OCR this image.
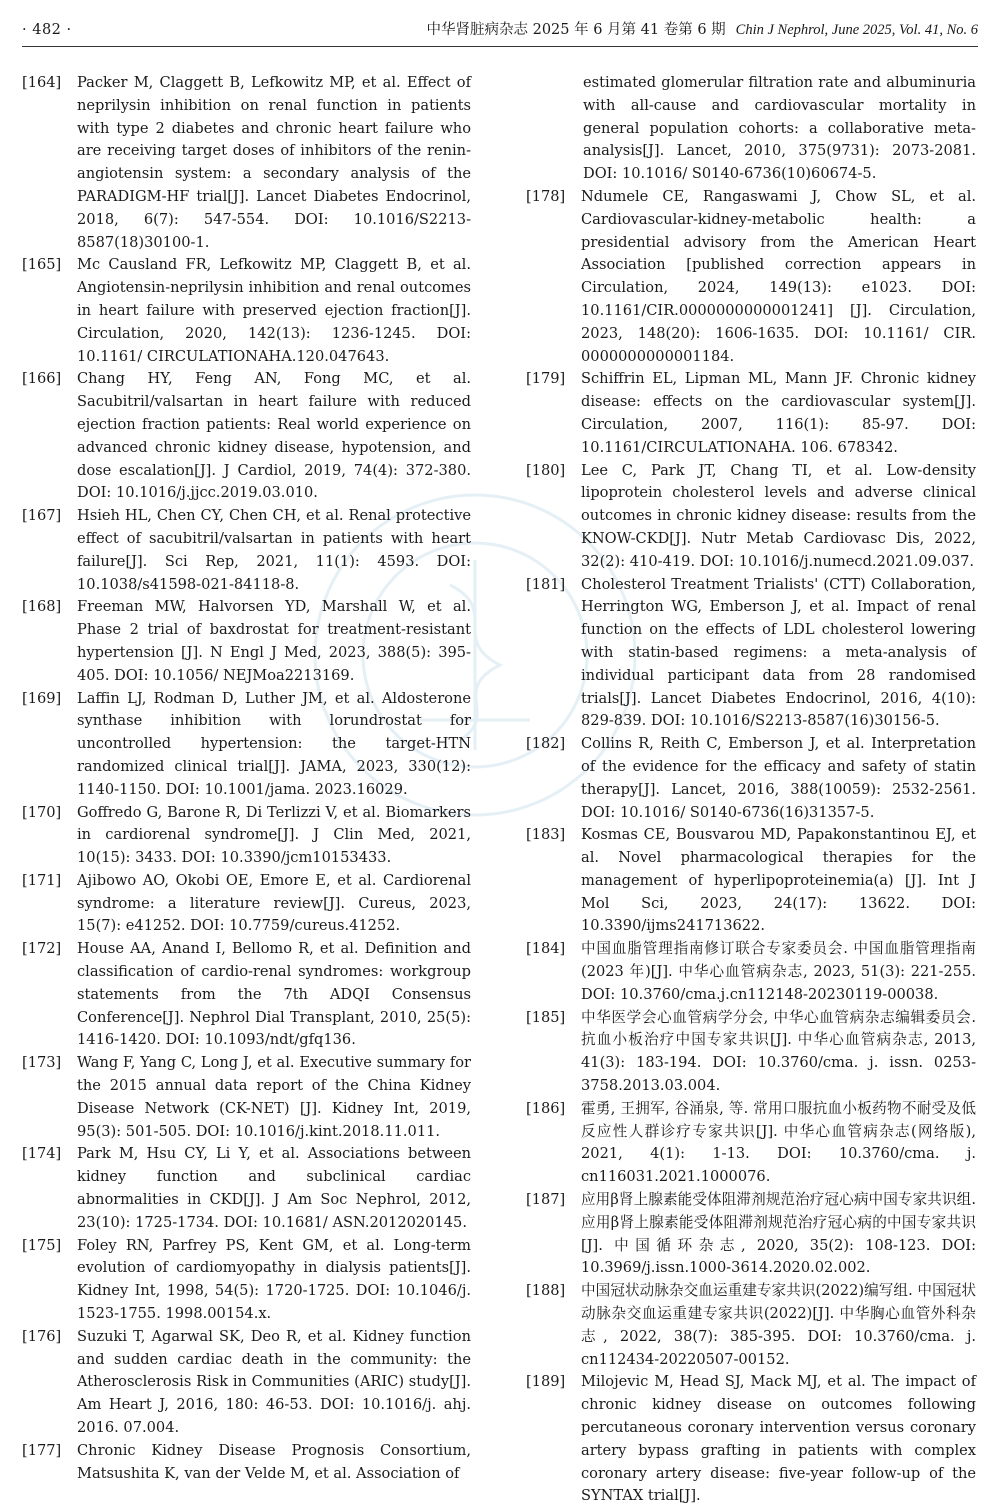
· 482 ·	中华肾脏病杂志 2025 年 6 月第 41 卷第 6 期 Chin J Nephrol, June 2025, Vol. 41, No. 6
[164] Packer M, Claggett B, Lefkowitz MP, et al. Effect of neprilysin inhibition on renal function in patients with type 2 diabetes and chronic heart failure who are receiving target doses of inhibitors of the renin-angiotensin system: a secondary analysis of the PARADIGM-HF trial[J]. Lancet Diabetes Endocrinol, 2018, 6(7): 547-554. DOI: 10.1016/S2213-8587(18)30100-1.
[165] Mc Causland FR, Lefkowitz MP, Claggett B, et al. Angiotensin-neprilysin inhibition and renal outcomes in heart failure with preserved ejection fraction[J]. Circulation, 2020, 142(13): 1236-1245. DOI: 10.1161/ CIRCULATIONAHA.120.047643.
[166] Chang HY, Feng AN, Fong MC, et al. Sacubitril/valsartan in heart failure with reduced ejection fraction patients: Real world experience on advanced chronic kidney disease, hypotension, and dose escalation[J]. J Cardiol, 2019, 74(4): 372-380. DOI: 10.1016/j.jjcc.2019.03.010.
[167] Hsieh HL, Chen CY, Chen CH, et al. Renal protective effect of sacubitril/valsartan in patients with heart failure[J]. Sci Rep, 2021, 11(1): 4593. DOI: 10.1038/s41598-021-84118-8.
[168] Freeman MW, Halvorsen YD, Marshall W, et al. Phase 2 trial of baxdrostat for treatment-resistant hypertension [J]. N Engl J Med, 2023, 388(5): 395-405. DOI: 10.1056/ NEJMoa2213169.
[169] Laffin LJ, Rodman D, Luther JM, et al. Aldosterone synthase inhibition with lorundrostat for uncontrolled hypertension: the target-HTN randomized clinical trial[J]. JAMA, 2023, 330(12): 1140-1150. DOI: 10.1001/jama. 2023.16029.
[170] Goffredo G, Barone R, Di Terlizzi V, et al. Biomarkers in cardiorenal syndrome[J]. J Clin Med, 2021, 10(15): 3433. DOI: 10.3390/jcm10153433.
[171] Ajibowo AO, Okobi OE, Emore E, et al. Cardiorenal syndrome: a literature review[J]. Cureus, 2023, 15(7): e41252. DOI: 10.7759/cureus.41252.
[172] House AA, Anand I, Bellomo R, et al. Definition and classification of cardio-renal syndromes: workgroup statements from the 7th ADQI Consensus Conference[J]. Nephrol Dial Transplant, 2010, 25(5): 1416-1420. DOI: 10.1093/ndt/gfq136.
[173] Wang F, Yang C, Long J, et al. Executive summary for the 2015 annual data report of the China Kidney Disease Network (CK-NET) [J]. Kidney Int, 2019, 95(3): 501-505. DOI: 10.1016/j.kint.2018.11.011.
[174] Park M, Hsu CY, Li Y, et al. Associations between kidney function and subclinical cardiac abnormalities in CKD[J]. J Am Soc Nephrol, 2012, 23(10): 1725-1734. DOI: 10.1681/ ASN.2012020145.
[175] Foley RN, Parfrey PS, Kent GM, et al. Long-term evolution of cardiomyopathy in dialysis patients[J]. Kidney Int, 1998, 54(5): 1720-1725. DOI: 10.1046/j. 1523-1755. 1998.00154.x.
[176] Suzuki T, Agarwal SK, Deo R, et al. Kidney function and sudden cardiac death in the community: the Atherosclerosis Risk in Communities (ARIC) study[J]. Am Heart J, 2016, 180: 46-53. DOI: 10.1016/j. ahj. 2016. 07.004.
[177] Chronic Kidney Disease Prognosis Consortium, Matsushita K, van der Velde M, et al. Association of
estimated glomerular filtration rate and albuminuria with all-cause and cardiovascular mortality in general population cohorts: a collaborative meta-analysis[J]. Lancet, 2010, 375(9731): 2073-2081. DOI: 10.1016/ S0140-6736(10)60674-5.
[178] Ndumele CE, Rangaswami J, Chow SL, et al. Cardiovascular-kidney-metabolic health: a presidential advisory from the American Heart Association [published correction appears in Circulation, 2024, 149(13): e1023. DOI: 10.1161/CIR.0000000000001241] [J]. Circulation, 2023, 148(20): 1606-1635. DOI: 10.1161/ CIR. 0000000000001184.
[179] Schiffrin EL, Lipman ML, Mann JF. Chronic kidney disease: effects on the cardiovascular system[J]. Circulation, 2007, 116(1): 85-97. DOI: 10.1161/CIRCULATIONAHA. 106. 678342.
[180] Lee C, Park JT, Chang TI, et al. Low-density lipoprotein cholesterol levels and adverse clinical outcomes in chronic kidney disease: results from the KNOW-CKD[J]. Nutr Metab Cardiovasc Dis, 2022, 32(2): 410-419. DOI: 10.1016/j.numecd.2021.09.037.
[181] Cholesterol Treatment Trialists' (CTT) Collaboration, Herrington WG, Emberson J, et al. Impact of renal function on the effects of LDL cholesterol lowering with statin-based regimens: a meta-analysis of individual participant data from 28 randomised trials[J]. Lancet Diabetes Endocrinol, 2016, 4(10): 829-839. DOI: 10.1016/S2213-8587(16)30156-5.
[182] Collins R, Reith C, Emberson J, et al. Interpretation of the evidence for the efficacy and safety of statin therapy[J]. Lancet, 2016, 388(10059): 2532-2561. DOI: 10.1016/ S0140-6736(16)31357-5.
[183] Kosmas CE, Bousvarou MD, Papakonstantinou EJ, et al. Novel pharmacological therapies for the management of hyperlipoproteinemia(a) [J]. Int J Mol Sci, 2023, 24(17): 13622. DOI: 10.3390/ijms241713622.
[184] 中国血脂管理指南修订联合专家委员会. 中国血脂管理指南(2023 年)[J]. 中华心血管病杂志, 2023, 51(3): 221-255. DOI: 10.3760/cma.j.cn112148-20230119-00038.
[185] 中华医学会心血管病学分会, 中华心血管病杂志编辑委员会. 抗血小板治疗中国专家共识[J]. 中华心血管病杂志, 2013, 41(3): 183-194. DOI: 10.3760/cma. j. issn. 0253-3758.2013.03.004.
[186] 霍勇, 王拥军, 谷涌泉, 等. 常用口服抗血小板药物不耐受及低反应性人群诊疗专家共识[J]. 中华心血管病杂志(网络版), 2021, 4(1): 1-13. DOI: 10.3760/cma. j. cn116031.2021.1000076.
[187] 应用β肾上腺素能受体阻滞剂规范治疗冠心病中国专家共识组. 应用β肾上腺素能受体阻滞剂规范治疗冠心病的中国专家共识[J]. 中国循环杂志, 2020, 35(2): 108-123. DOI: 10.3969/j.issn.1000-3614.2020.02.002.
[188] 中国冠状动脉杂交血运重建专家共识(2022)编写组. 中国冠状动脉杂交血运重建专家共识(2022)[J]. 中华胸心血管外科杂志, 2022, 38(7): 385-395. DOI: 10.3760/cma. j. cn112434-20220507-00152.
[189] Milojevic M, Head SJ, Mack MJ, et al. The impact of chronic kidney disease on outcomes following percutaneous coronary intervention versus coronary artery bypass grafting in patients with complex coronary artery disease: five-year follow-up of the SYNTAX trial[J].
